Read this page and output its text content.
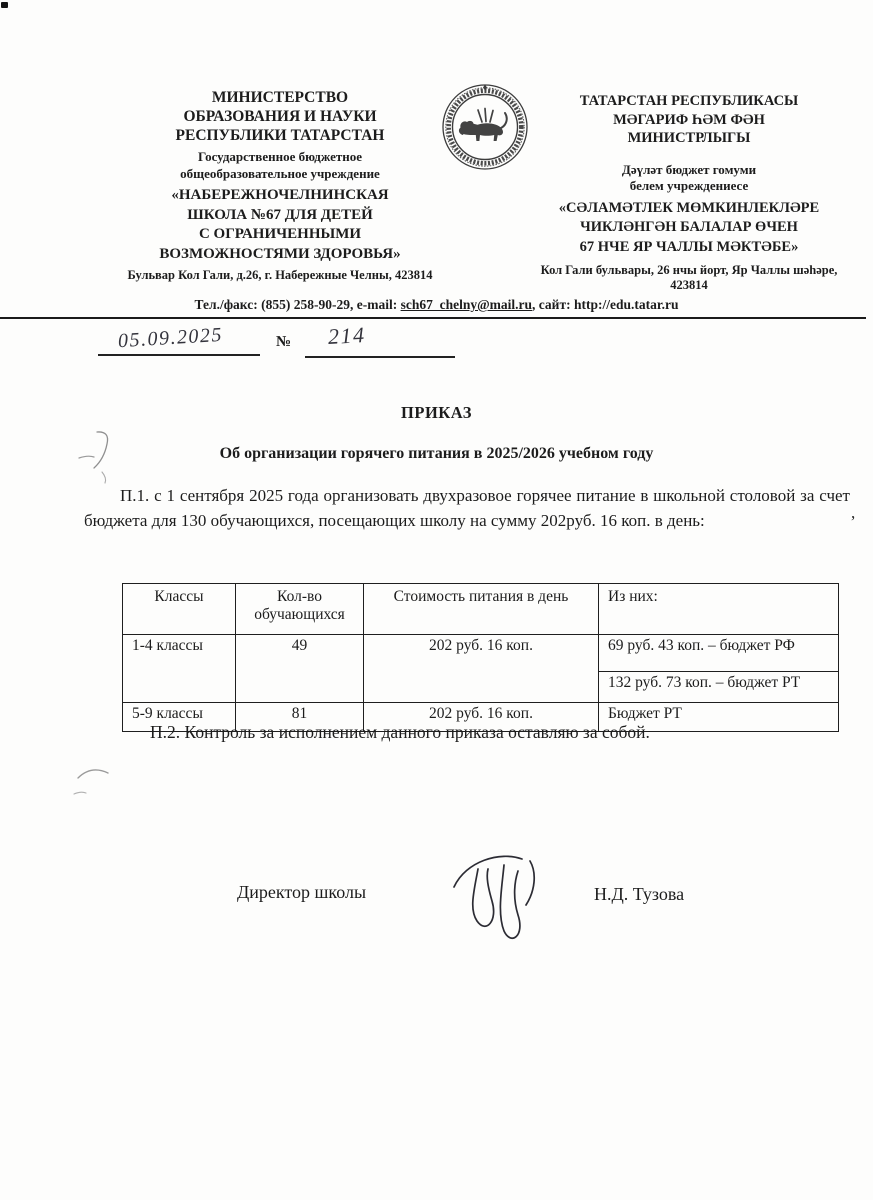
МИНИСТЕРСТВО
ОБРАЗОВАНИЯ И НАУКИ
РЕСПУБЛИКИ ТАТАРСТАН
Государственное бюджетное
общеобразовательное учреждение
«НАБЕРЕЖНОЧЕЛНИНСКАЯ
ШКОЛА №67 ДЛЯ ДЕТЕЙ
С ОГРАНИЧЕННЫМИ
ВОЗМОЖНОСТЯМИ ЗДОРОВЬЯ»
ТАТАРСТАН РЕСПУБЛИКАСЫ
МӘГАРИФ ҺӘМ ФӘН
МИНИСТРЛЫГЫ
Дәүләт бюджет гомуми
белем учреждениесе
«СӘЛАМӘТЛЕК МӨМКИНЛЕКЛӘРЕ
ЧИКЛӘНГӘН БАЛАЛАР ӨЧЕН
67 НЧЕ ЯР ЧАЛЛЫ МӘКТӘБЕ»
Бульвар Кол Гали, д.26, г. Набережные Челны, 423814	Кол Гали бульвары, 26 нчы йорт, Яр Чаллы шәһәре,
423814
Тел./факс: (855) 258-90-29, e-mail: sch67_chelny@mail.ru, сайт: http://edu.tatar.ru
05.09.2025	№ 214
ПРИКАЗ
Об организации горячего питания в 2025/2026 учебном году
П.1. с 1 сентября 2025 года организовать двухразовое горячее питание в школьной столовой за счет бюджета для 130 обучающихся, посещающих школу на сумму 202руб. 16 коп. в день:	,
Классы	Кол-во обучающихся	Стоимость питания в день	Из них:
1-4 классы	49	202 руб. 16 коп.	69 руб. 43 коп. – бюджет РФ
			132 руб. 73 коп. – бюджет РТ
5-9 классы	81	202 руб. 16 коп.	Бюджет РТ
П.2. Контроль за исполнением данного приказа оставляю за собой.
Директор школы	Н.Д. Тузова
